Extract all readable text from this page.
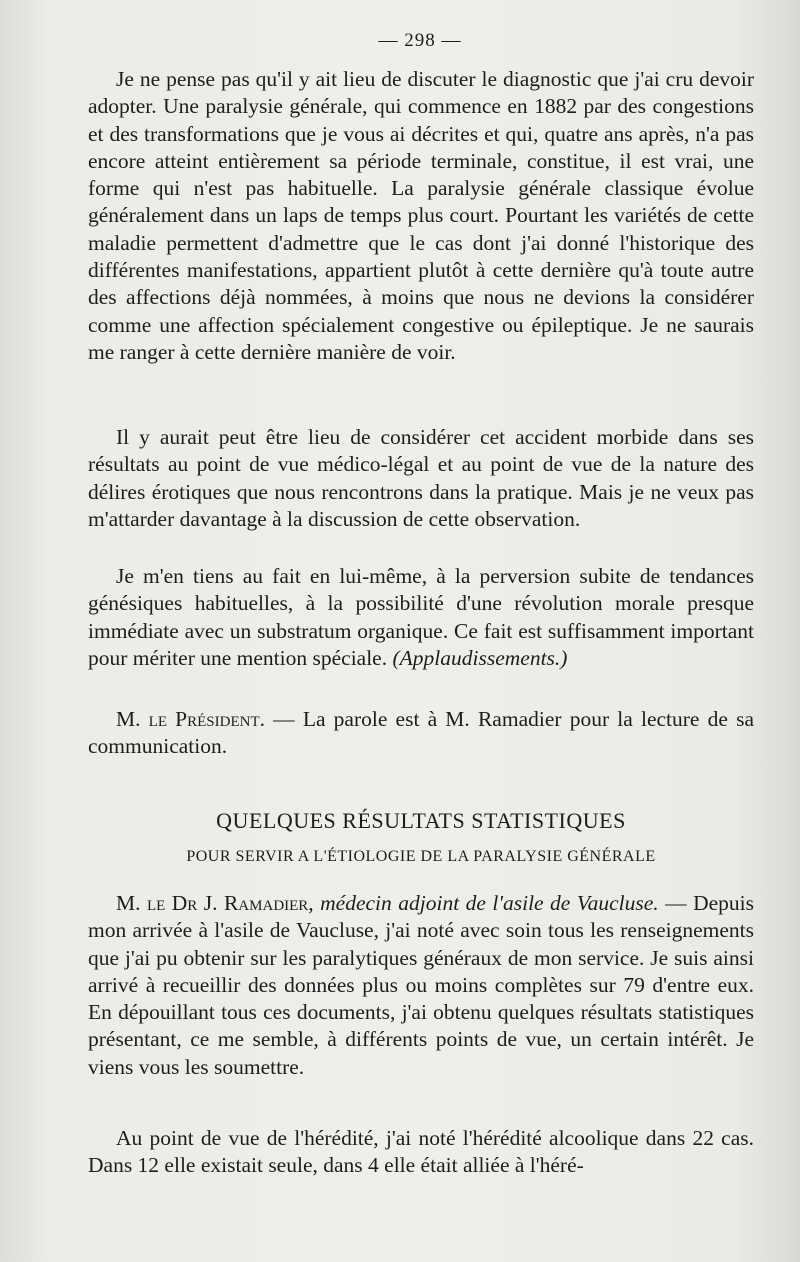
— 298 —

Je ne pense pas qu'il y ait lieu de discuter le diagnostic que j'ai cru devoir adopter. Une paralysie générale, qui commence en 1882 par des congestions et des transformations que je vous ai décrites et qui, quatre ans après, n'a pas encore atteint entièrement sa période terminale, constitue, il est vrai, une forme qui n'est pas habituelle. La paralysie générale classique évolue généralement dans un laps de temps plus court. Pourtant les variétés de cette maladie permettent d'admettre que le cas dont j'ai donné l'historique des différentes manifestations, appartient plutôt à cette dernière qu'à toute autre des affections déjà nommées, à moins que nous ne devions la considérer comme une affection spécialement congestive ou épileptique. Je ne saurais me ranger à cette dernière manière de voir.

Il y aurait peut être lieu de considérer cet accident morbide dans ses résultats au point de vue médico-légal et au point de vue de la nature des délires érotiques que nous rencontrons dans la pratique. Mais je ne veux pas m'attarder davantage à la discussion de cette observation.

Je m'en tiens au fait en lui-même, à la perversion subite de tendances génésiques habituelles, à la possibilité d'une révolution morale presque immédiate avec un substratum organique. Ce fait est suffisamment important pour mériter une mention spéciale. (Applaudissements.)

M. le Président. — La parole est à M. Ramadier pour la lecture de sa communication.

QUELQUES RÉSULTATS STATISTIQUES
POUR SERVIR A L'ÉTIOLOGIE DE LA PARALYSIE GÉNÉRALE

M. le Dr J. Ramadier, médecin adjoint de l'asile de Vaucluse. — Depuis mon arrivée à l'asile de Vaucluse, j'ai noté avec soin tous les renseignements que j'ai pu obtenir sur les paralytiques généraux de mon service. Je suis ainsi arrivé à recueillir des données plus ou moins complètes sur 79 d'entre eux. En dépouillant tous ces documents, j'ai obtenu quelques résultats statistiques présentant, ce me semble, à différents points de vue, un certain intérêt. Je viens vous les soumettre.

Au point de vue de l'hérédité, j'ai noté l'hérédité alcoolique dans 22 cas. Dans 12 elle existait seule, dans 4 elle était alliée à l'héré-
